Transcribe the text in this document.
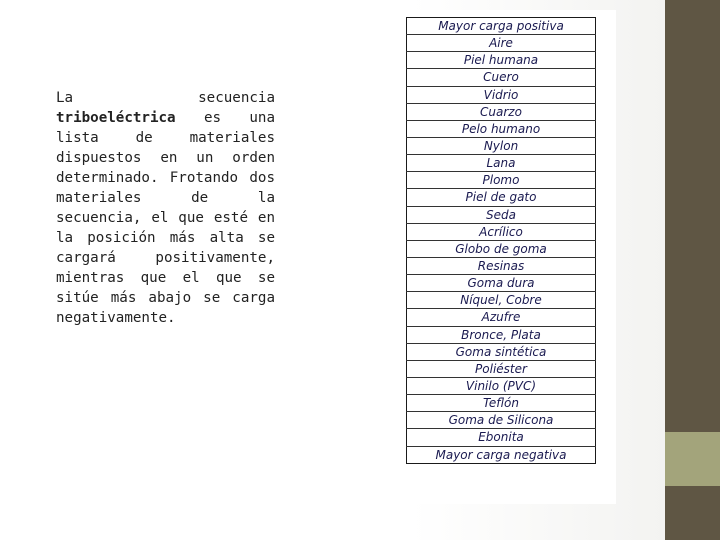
La secuencia triboeléctrica es una lista de materiales dispuestos en un orden determinado. Frotando dos materiales de la secuencia, el que esté en la posición más alta se cargará positivamente, mientras que el que se sitúe más abajo se carga negativamente.

Mayor carga positiva
Aire
Piel humana
Cuero
Vidrio
Cuarzo
Pelo humano
Nylon
Lana
Plomo
Piel de gato
Seda
Acrílico
Globo de goma
Resinas
Goma dura
Níquel, Cobre
Azufre
Bronce, Plata
Goma sintética
Poliéster
Vinilo (PVC)
Teflón
Goma de Silicona
Ebonita
Mayor carga negativa
